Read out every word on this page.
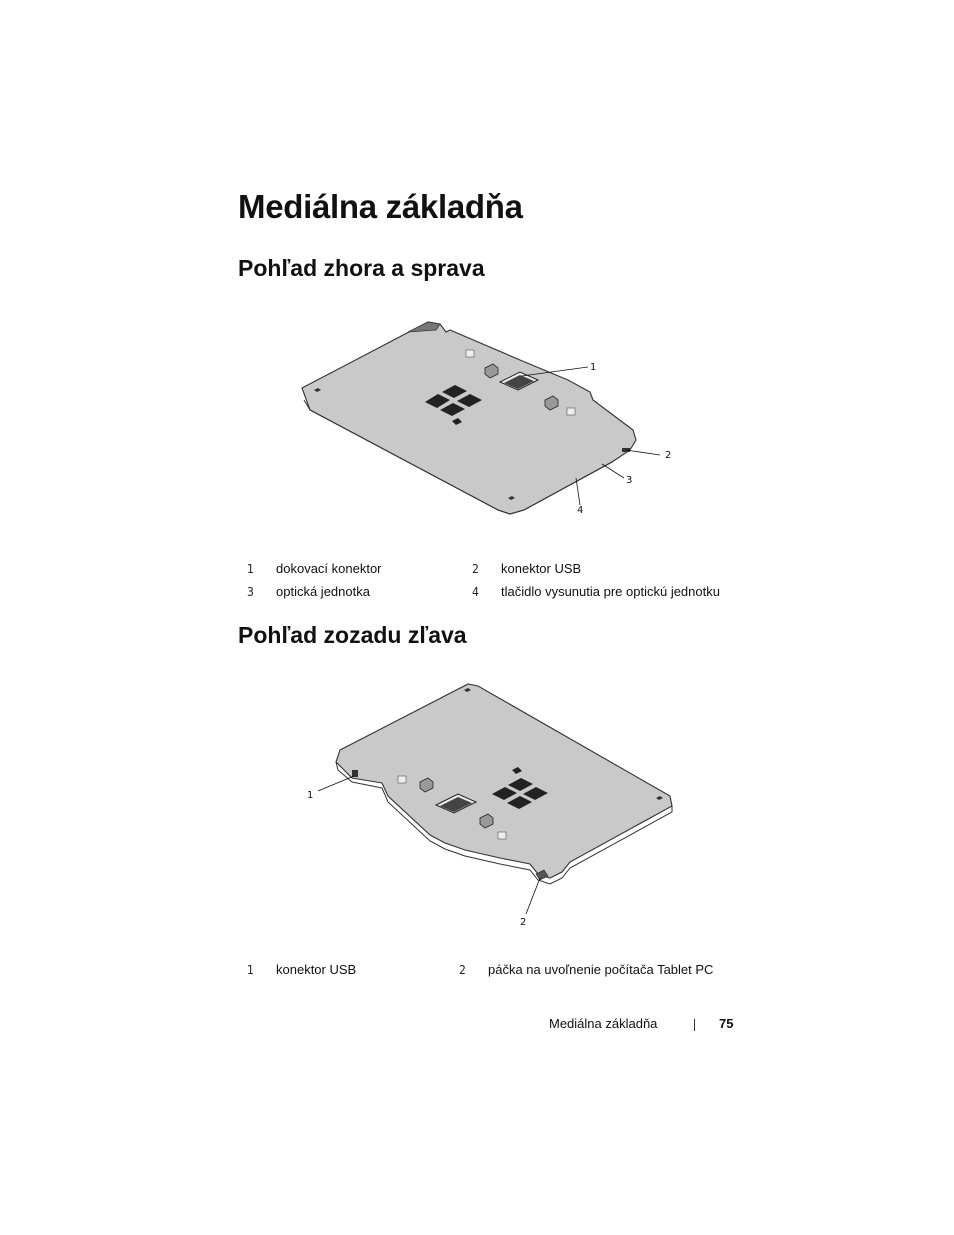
Mediálna základňa
Pohľad zhora a sprava
1
2
3
4
1 dokovací konektor	2 konektor USB
3 optická jednotka	4 tlačidlo vysunutia pre optickú jednotku
Pohľad zozadu zľava
1
2
1 konektor USB	2 páčka na uvoľnenie počítača Tablet PC
Mediálna základňa	75
